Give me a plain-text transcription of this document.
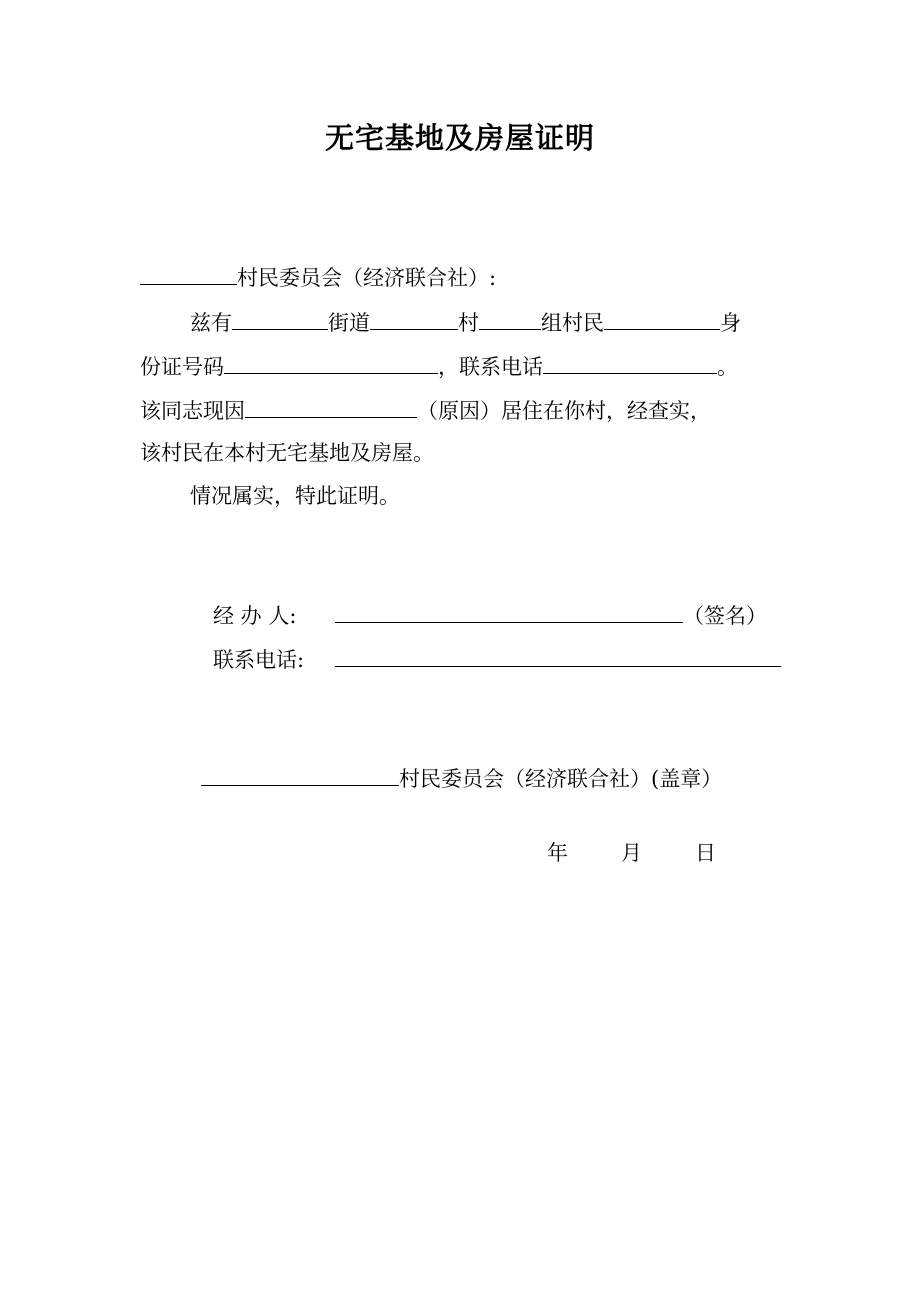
无宅基地及房屋证明
村民委员会（经济联合社）:
兹有	街道	村	组村民	身
份证号码	，联系电话	。
该同志现因	（原因）居住在你村，经查实，
该村民在本村无宅基地及房屋。
情况属实，特此证明。
经 办 人:	（签名）
联系电话:
村民委员会（经济联合社）(盖章）
年	月	日
